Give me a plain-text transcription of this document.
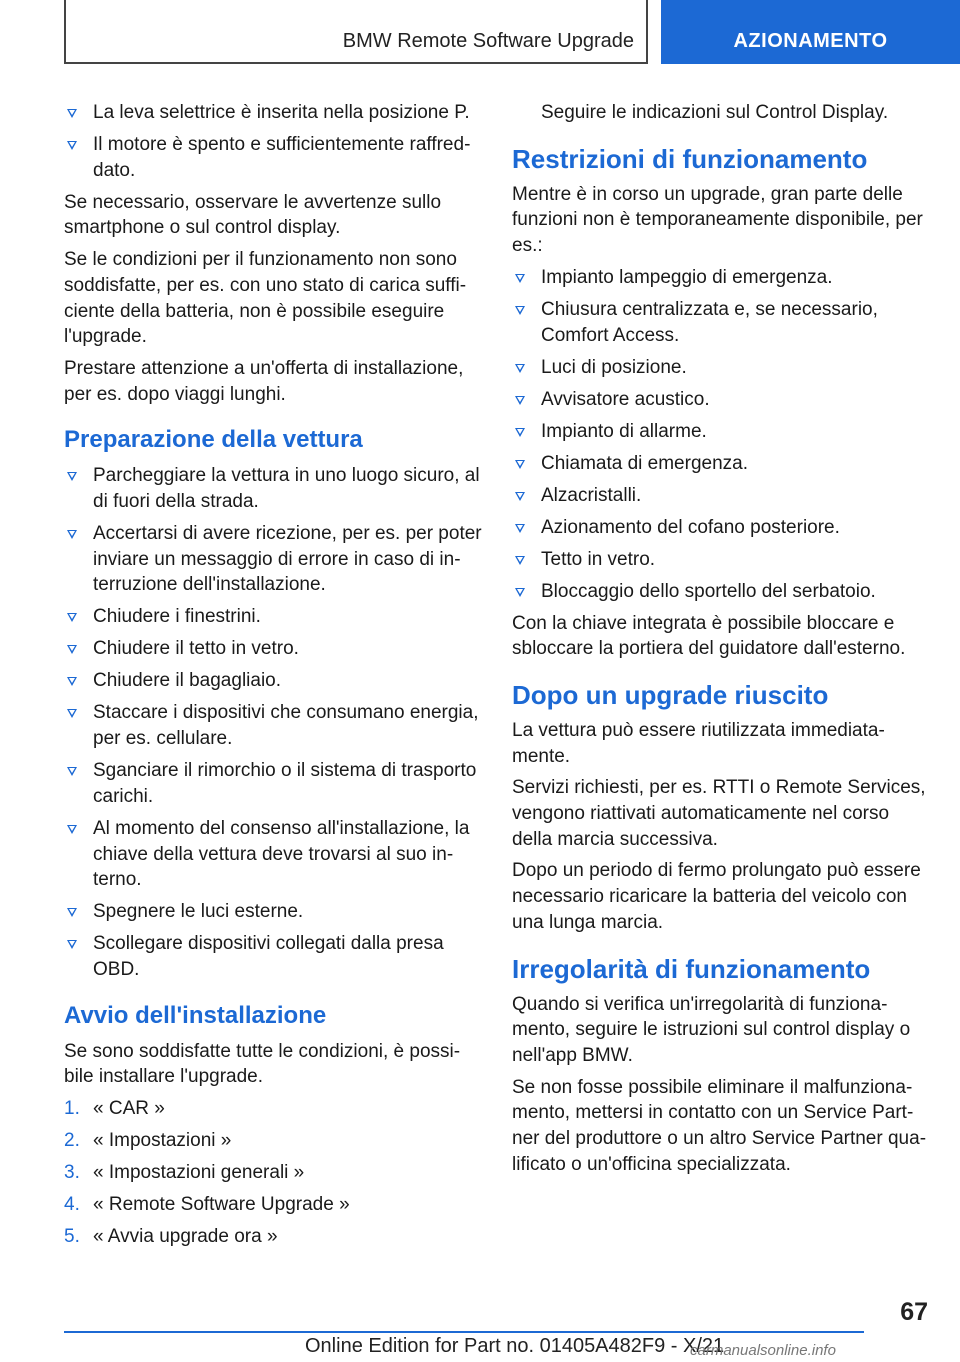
BMW Remote Software Upgrade	AZIONAMENTO
La leva selettrice è inserita nella posizione P.
Il motore è spento e sufficientemente raffreddato.

Se necessario, osservare le avvertenze sullo smartphone o sul control display.

Se le condizioni per il funzionamento non sono soddisfatte, per es. con uno stato di carica sufficiente della batteria, non è possibile eseguire l'upgrade.

Prestare attenzione a un'offerta di installazione, per es. dopo viaggi lunghi.

Preparazione della vettura
Parcheggiare la vettura in uno luogo sicuro, al di fuori della strada.
Accertarsi di avere ricezione, per es. per poter inviare un messaggio di errore in caso di interruzione dell'installazione.
Chiudere i finestrini.
Chiudere il tetto in vetro.
Chiudere il bagagliaio.
Staccare i dispositivi che consumano energia, per es. cellulare.
Sganciare il rimorchio o il sistema di trasporto carichi.
Al momento del consenso all'installazione, la chiave della vettura deve trovarsi al suo interno.
Spegnere le luci esterne.
Scollegare dispositivi collegati dalla presa OBD.
Avvio dell'installazione

Se sono soddisfatte tutte le condizioni, è possibile installare l'upgrade.

1. « CAR »
2. « Impostazioni »
3. « Impostazioni generali »
4. « Remote Software Upgrade »
5. « Avvia upgrade ora »

Seguire le indicazioni sul Control Display.

Restrizioni di funzionamento

Mentre è in corso un upgrade, gran parte delle funzioni non è temporaneamente disponibile, per es.:

Impianto lampeggio di emergenza.
Chiusura centralizzata e, se necessario, Comfort Access.
Luci di posizione.
Avvisatore acustico.
Impianto di allarme.
Chiamata di emergenza.
Alzacristalli.
Azionamento del cofano posteriore.
Tetto in vetro.
Bloccaggio dello sportello del serbatoio.

Con la chiave integrata è possibile bloccare e sbloccare la portiera del guidatore dall'esterno.

Dopo un upgrade riuscito

La vettura può essere riutilizzata immediatamente.

Servizi richiesti, per es. RTTI o Remote Services, vengono riattivati automaticamente nel corso della marcia successiva.

Dopo un periodo di fermo prolungato può essere necessario ricaricare la batteria del veicolo con una lunga marcia.

Irregolarità di funzionamento

Quando si verifica un'irregolarità di funzionamento, seguire le istruzioni sul control display o nell'app BMW.

Se non fosse possibile eliminare il malfunzionamento, mettersi in contatto con un Service Partner del produttore o un altro Service Partner qualificato o un'officina specializzata.

67
Online Edition for Part no. 01405A482F9 - X/21
carmanualsonline.info
